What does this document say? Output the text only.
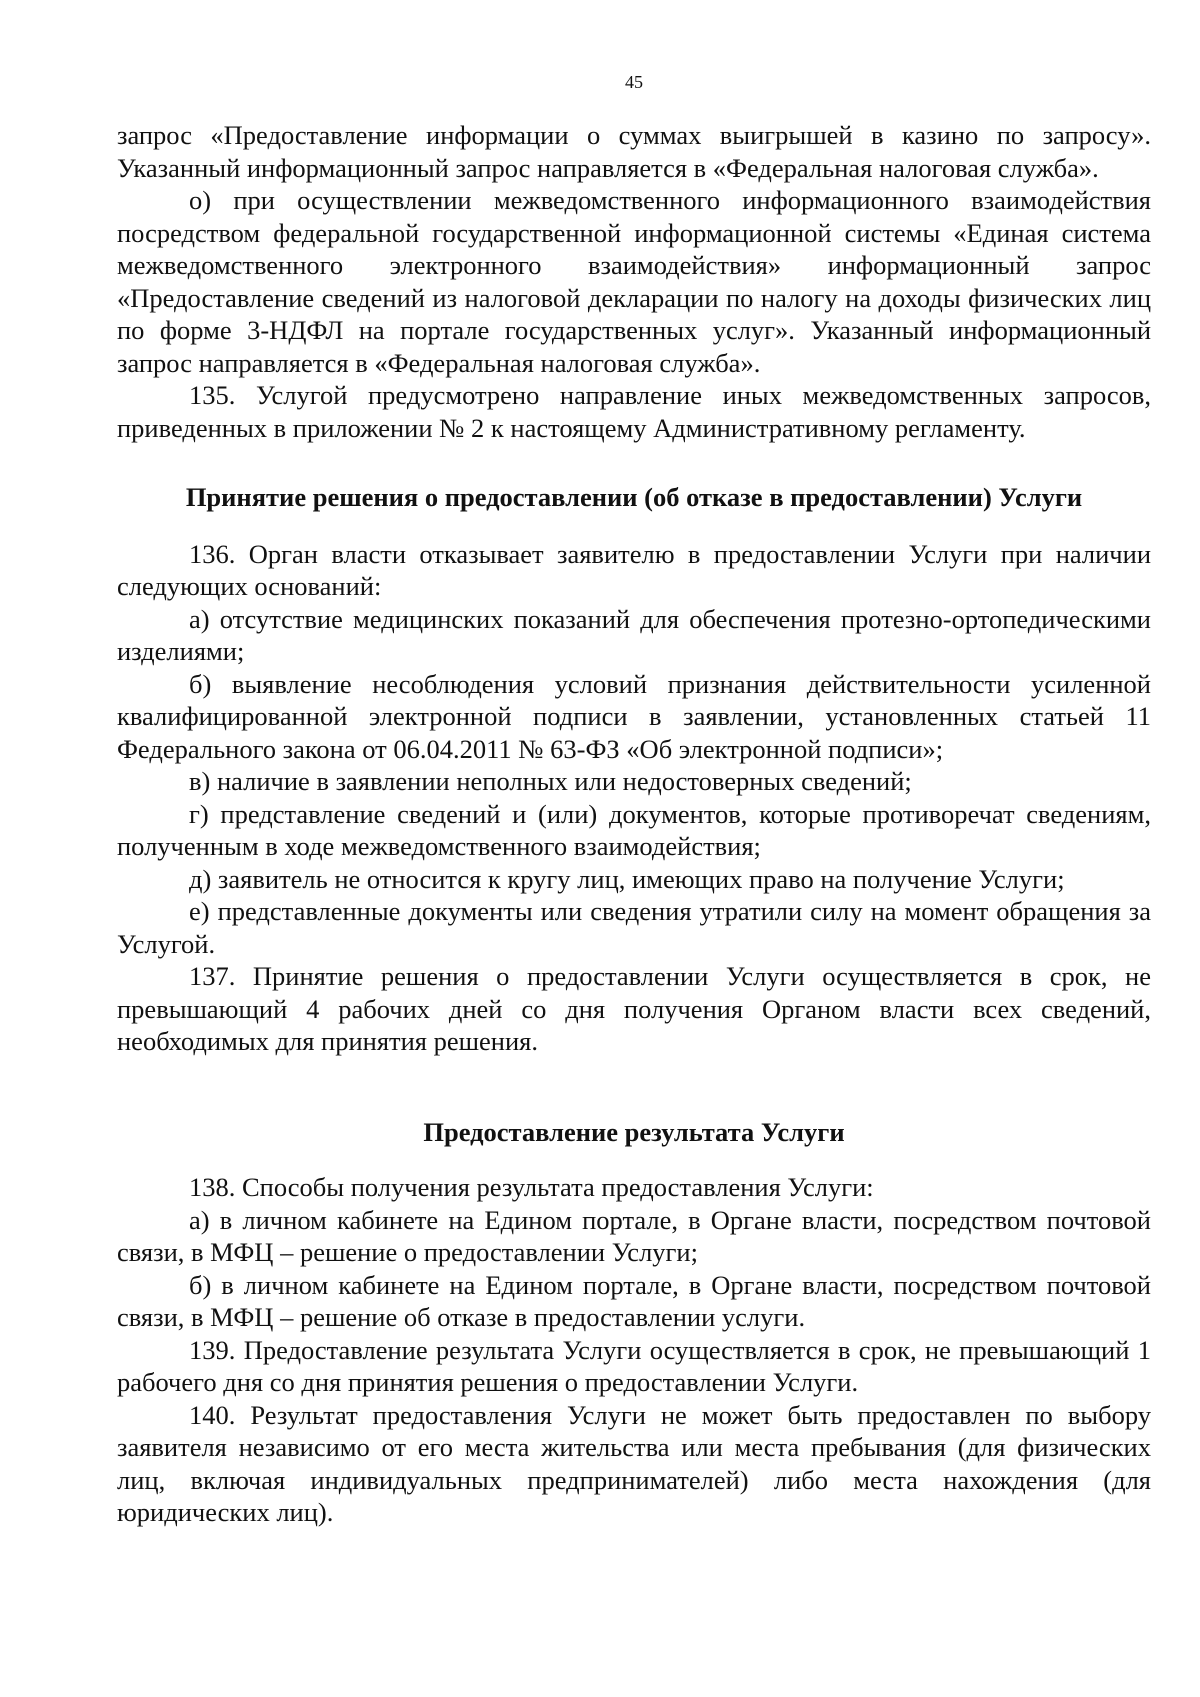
45

запрос «Предоставление информации о суммах выигрышей в казино по запросу». Указанный информационный запрос направляется в «Федеральная налоговая служба».

о) при осуществлении межведомственного информационного взаимодействия посредством федеральной государственной информационной системы «Единая система межведомственного электронного взаимодействия» информационный запрос «Предоставление сведений из налоговой декларации по налогу на доходы физических лиц по форме 3-НДФЛ на портале государственных услуг». Указанный информационный запрос направляется в «Федеральная налоговая служба».

135. Услугой предусмотрено направление иных межведомственных запросов, приведенных в приложении № 2 к настоящему Административному регламенту.

Принятие решения о предоставлении (об отказе в предоставлении) Услуги

136. Орган власти отказывает заявителю в предоставлении Услуги при наличии следующих оснований:

а) отсутствие медицинских показаний для обеспечения протезно-ортопедическими изделиями;

б) выявление несоблюдения условий признания действительности усиленной квалифицированной электронной подписи в заявлении, установленных статьей 11 Федерального закона от 06.04.2011 № 63-ФЗ «Об электронной подписи»;

в) наличие в заявлении неполных или недостоверных сведений;

г) представление сведений и (или) документов, которые противоречат сведениям, полученным в ходе межведомственного взаимодействия;

д) заявитель не относится к кругу лиц, имеющих право на получение Услуги;

е) представленные документы или сведения утратили силу на момент обращения за Услугой.

137. Принятие решения о предоставлении Услуги осуществляется в срок, не превышающий 4 рабочих дней со дня получения Органом власти всех сведений, необходимых для принятия решения.

Предоставление результата Услуги

138. Способы получения результата предоставления Услуги:

а) в личном кабинете на Едином портале, в Органе власти, посредством почтовой связи, в МФЦ – решение о предоставлении Услуги;

б) в личном кабинете на Едином портале, в Органе власти, посредством почтовой связи, в МФЦ – решение об отказе в предоставлении услуги.

139. Предоставление результата Услуги осуществляется в срок, не превышающий 1 рабочего дня со дня принятия решения о предоставлении Услуги.

140. Результат предоставления Услуги не может быть предоставлен по выбору заявителя независимо от его места жительства или места пребывания (для физических лиц, включая индивидуальных предпринимателей) либо места нахождения (для юридических лиц).
